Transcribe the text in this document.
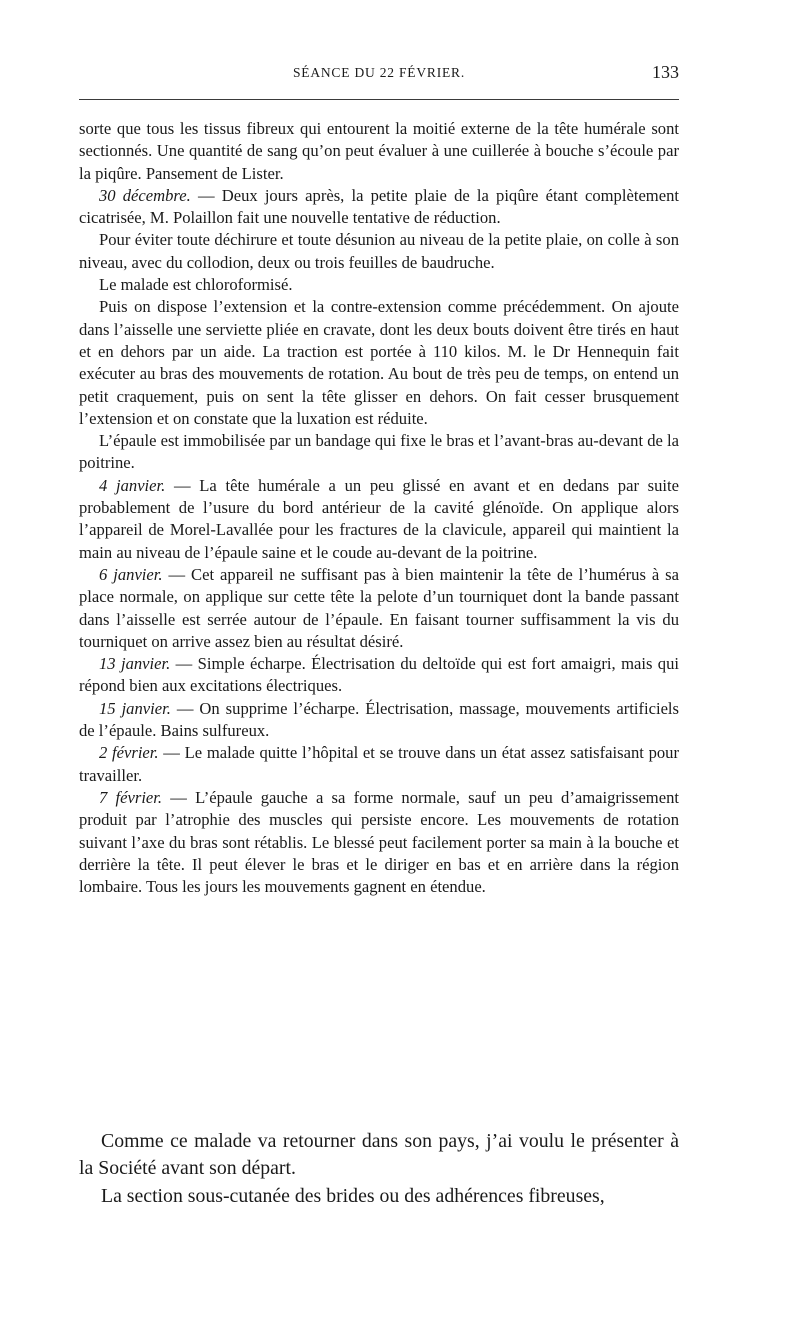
SÉANCE DU 22 FÉVRIER.	133

sorte que tous les tissus fibreux qui entourent la moitié externe de la tête humérale sont sectionnés. Une quantité de sang qu’on peut évaluer à une cuillerée à bouche s’écoule par la piqûre. Pansement de Lister.

30 décembre. — Deux jours après, la petite plaie de la piqûre étant complètement cicatrisée, M. Polaillon fait une nouvelle tentative de réduction.

Pour éviter toute déchirure et toute désunion au niveau de la petite plaie, on colle à son niveau, avec du collodion, deux ou trois feuilles de baudruche.

Le malade est chloroformisé.

Puis on dispose l’extension et la contre-extension comme précédemment. On ajoute dans l’aisselle une serviette pliée en cravate, dont les deux bouts doivent être tirés en haut et en dehors par un aide. La traction est portée à 110 kilos. M. le Dr Hennequin fait exécuter au bras des mouvements de rotation. Au bout de très peu de temps, on entend un petit craquement, puis on sent la tête glisser en dehors. On fait cesser brusquement l’extension et on constate que la luxation est réduite.

L’épaule est immobilisée par un bandage qui fixe le bras et l’avant-bras au-devant de la poitrine.

4 janvier. — La tête humérale a un peu glissé en avant et en dedans par suite probablement de l’usure du bord antérieur de la cavité glénoïde. On applique alors l’appareil de Morel-Lavallée pour les fractures de la clavicule, appareil qui maintient la main au niveau de l’épaule saine et le coude au-devant de la poitrine.

6 janvier. — Cet appareil ne suffisant pas à bien maintenir la tête de l’humérus à sa place normale, on applique sur cette tête la pelote d’un tourniquet dont la bande passant dans l’aisselle est serrée autour de l’épaule. En faisant tourner suffisamment la vis du tourniquet on arrive assez bien au résultat désiré.

13 janvier. — Simple écharpe. Électrisation du deltoïde qui est fort amaigri, mais qui répond bien aux excitations électriques.

15 janvier. — On supprime l’écharpe. Électrisation, massage, mouvements artificiels de l’épaule. Bains sulfureux.

2 février. — Le malade quitte l’hôpital et se trouve dans un état assez satisfaisant pour travailler.

7 février. — L’épaule gauche a sa forme normale, sauf un peu d’amaigrissement produit par l’atrophie des muscles qui persiste encore. Les mouvements de rotation suivant l’axe du bras sont rétablis. Le blessé peut facilement porter sa main à la bouche et derrière la tête. Il peut élever le bras et le diriger en bas et en arrière dans la région lombaire. Tous les jours les mouvements gagnent en étendue.

Comme ce malade va retourner dans son pays, j’ai voulu le présenter à la Société avant son départ.

La section sous-cutanée des brides ou des adhérences fibreuses,
